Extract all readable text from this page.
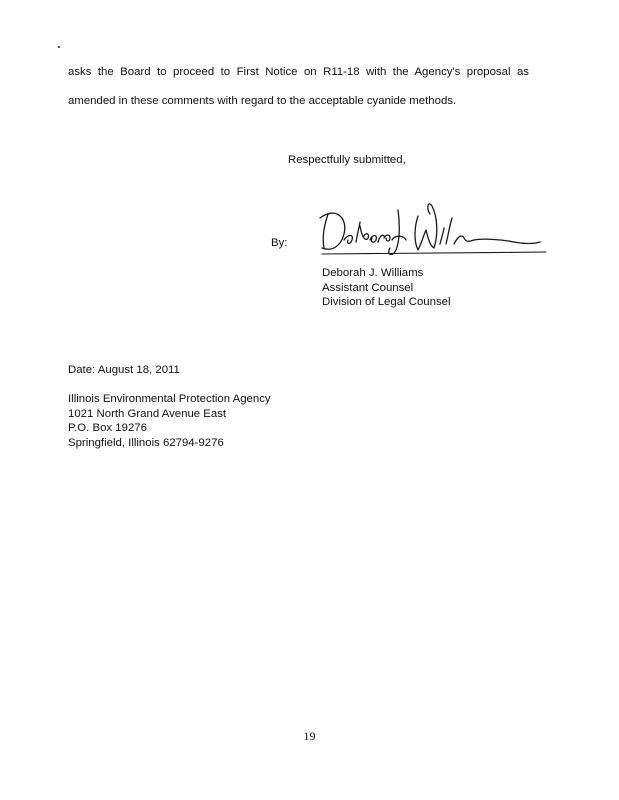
asks the Board to proceed to First Notice on R11-18 with the Agency's proposal as
amended in these comments with regard to the acceptable cyanide methods.
Respectfully submitted,
By:
Deborah J. Williams
Assistant Counsel
Division of Legal Counsel
Date: August 18, 2011
Illinois Environmental Protection Agency
1021 North Grand Avenue East
P.O. Box 19276
Springfield, Illinois 62794-9276
19
